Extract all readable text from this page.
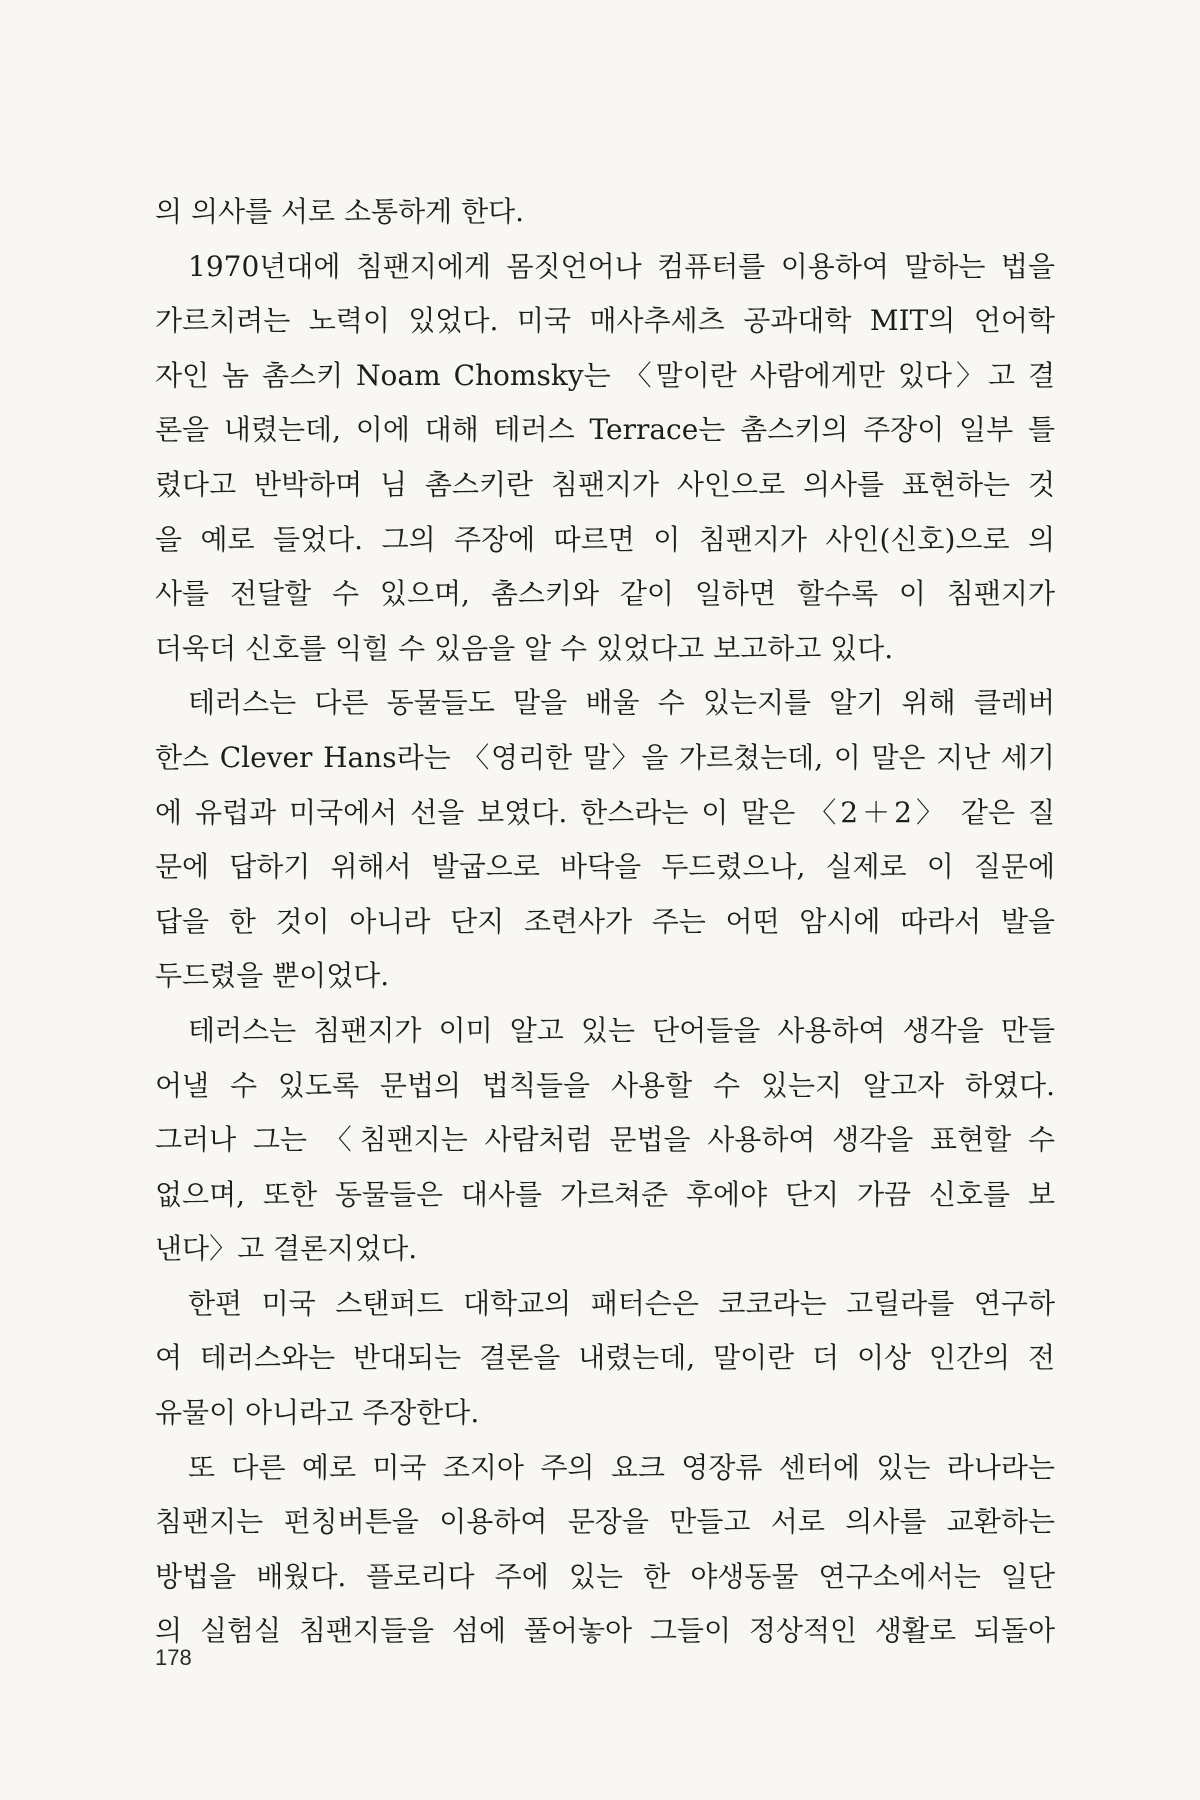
의 의사를 서로 소통하게 한다.
1970년대에 침팬지에게 몸짓언어나 컴퓨터를 이용하여 말하는 법을
가르치려는 노력이 있었다. 미국 매사추세츠 공과대학 MIT의 언어학
자인 놈 촘스키 Noam Chomsky는 〈말이란 사람에게만 있다〉고 결
론을 내렸는데, 이에 대해 테러스 Terrace는 촘스키의 주장이 일부 틀
렸다고 반박하며 님 촘스키란 침팬지가 사인으로 의사를 표현하는 것
을 예로 들었다. 그의 주장에 따르면 이 침팬지가 사인(신호)으로 의
사를 전달할 수 있으며, 촘스키와 같이 일하면 할수록 이 침팬지가
더욱더 신호를 익힐 수 있음을 알 수 있었다고 보고하고 있다.
테러스는 다른 동물들도 말을 배울 수 있는지를 알기 위해 클레버
한스 Clever Hans라는 〈영리한 말〉을 가르쳤는데, 이 말은 지난 세기
에 유럽과 미국에서 선을 보였다. 한스라는 이 말은 〈2＋2〉 같은 질
문에 답하기 위해서 발굽으로 바닥을 두드렸으나, 실제로 이 질문에
답을 한 것이 아니라 단지 조련사가 주는 어떤 암시에 따라서 발을
두드렸을 뿐이었다.
테러스는 침팬지가 이미 알고 있는 단어들을 사용하여 생각을 만들
어낼 수 있도록 문법의 법칙들을 사용할 수 있는지 알고자 하였다.
그러나 그는 〈침팬지는 사람처럼 문법을 사용하여 생각을 표현할 수
없으며, 또한 동물들은 대사를 가르쳐준 후에야 단지 가끔 신호를 보
낸다〉고 결론지었다.
한편 미국 스탠퍼드 대학교의 패터슨은 코코라는 고릴라를 연구하
여 테러스와는 반대되는 결론을 내렸는데, 말이란 더 이상 인간의 전
유물이 아니라고 주장한다.
또 다른 예로 미국 조지아 주의 요크 영장류 센터에 있는 라나라는
침팬지는 펀칭버튼을 이용하여 문장을 만들고 서로 의사를 교환하는
방법을 배웠다. 플로리다 주에 있는 한 야생동물 연구소에서는 일단
의 실험실 침팬지들을 섬에 풀어놓아 그들이 정상적인 생활로 되돌아
178
